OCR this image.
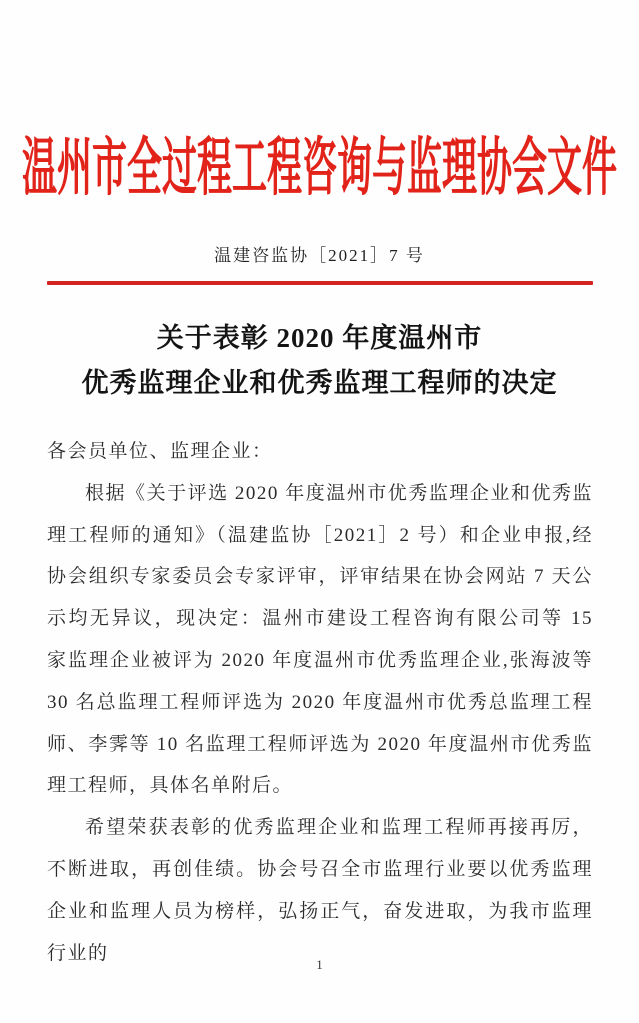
温州市全过程工程咨询与监理协会文件
温建咨监协［2021］7 号
关于表彰 2020 年度温州市
优秀监理企业和优秀监理工程师的决定

各会员单位、监理企业：

根据《关于评选 2020 年度温州市优秀监理企业和优秀监理工程师的通知》（温建监协［2021］2 号）和企业申报,经协会组织专家委员会专家评审，评审结果在协会网站 7 天公示均无异议，现决定：温州市建设工程咨询有限公司等 15 家监理企业被评为 2020 年度温州市优秀监理企业,张海波等 30 名总监理工程师评选为 2020 年度温州市优秀总监理工程师、李霁等 10 名监理工程师评选为 2020 年度温州市优秀监理工程师，具体名单附后。

希望荣获表彰的优秀监理企业和监理工程师再接再厉，不断进取，再创佳绩。协会号召全市监理行业要以优秀监理企业和监理人员为榜样，弘扬正气，奋发进取，为我市监理行业的

1
